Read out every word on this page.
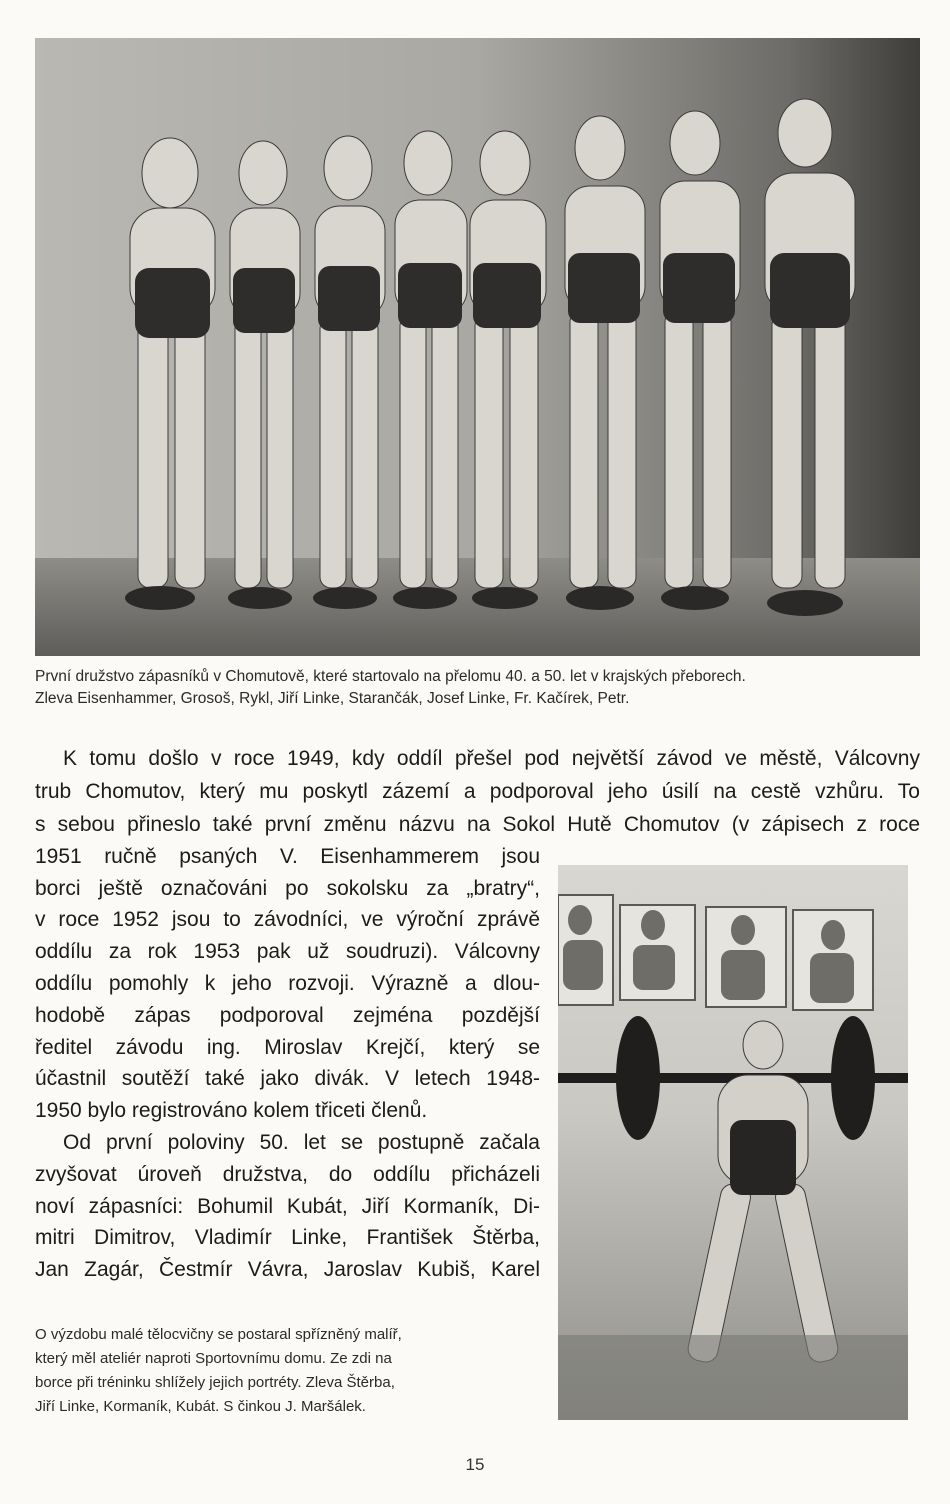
První družstvo zápasníků v Chomutově, které startovalo na přelomu 40. a 50. let v krajských přeborech.
Zleva Eisenhammer, Grosoš, Rykl, Jiří Linke, Starančák, Josef Linke, Fr. Kačírek, Petr.

K tomu došlo v roce 1949, kdy oddíl přešel pod největší závod ve městě, Válcovny

trub Chomutov, který mu poskytl zázemí a podporoval jeho úsilí na cestě vzhůru. To

s sebou přineslo také první změnu názvu na Sokol Hutě Chomutov (v zápisech z roce

1951 ručně psaných V. Eisenhammerem jsou

borci ještě označováni po sokolsku za „bratry“,

v roce 1952 jsou to závodníci, ve výroční zprávě

oddílu za rok 1953 pak už soudruzi). Válcovny

oddílu pomohly k jeho rozvoji. Výrazně a dlou-

hodobě zápas podporoval zejména pozdější

ředitel závodu ing. Miroslav Krejčí, který se

účastnil soutěží také jako divák. V letech 1948-

1950 bylo registrováno kolem třiceti členů.

Od první poloviny 50. let se postupně začala

zvyšovat úroveň družstva, do oddílu přicházeli

noví zápasníci: Bohumil Kubát, Jiří Kormaník, Di-

mitri Dimitrov, Vladimír Linke, František Štěrba,

Jan Zagár, Čestmír Vávra, Jaroslav Kubiš, Karel

O výzdobu malé tělocvičny se postaral spřízněný malíř,
který měl ateliér naproti Sportovnímu domu. Ze zdi na
borce při tréninku shlížely jejich portréty. Zleva Štěrba,
Jiří Linke, Kormaník, Kubát. S činkou J. Maršálek.
15
